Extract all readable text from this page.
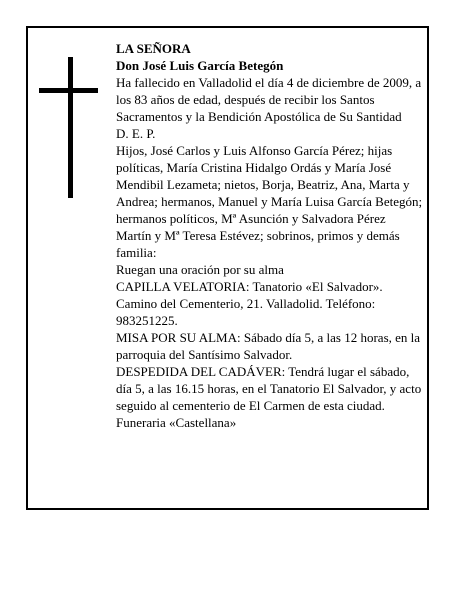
LA SEÑORA

Don José Luis García Betegón

Ha fallecido en Valladolid el día 4 de diciembre de 2009, a los 83 años de edad, después de recibir los Santos Sacramentos y la Bendición Apostólica de Su Santidad

D. E. P.

Hijos, José Carlos y Luis Alfonso García Pérez; hijas políticas, María Cristina Hidalgo Ordás y María José Mendibil Lezameta; nietos, Borja, Beatriz, Ana, Marta y Andrea; hermanos, Manuel y María Luisa García Betegón; hermanos políticos, Mª Asunción y Salvadora Pérez Martín y Mª Teresa Estévez; sobrinos, primos y demás familia:

Ruegan una oración por su alma

CAPILLA VELATORIA: Tanatorio «El Salvador». Camino del Cementerio, 21. Valladolid. Teléfono: 983251225.

MISA POR SU ALMA: Sábado día 5, a las 12 horas, en la parroquia del Santísimo Salvador.

DESPEDIDA DEL CADÁVER: Tendrá lugar el sábado, día 5, a las 16.15 horas, en el Tanatorio El Salvador, y acto seguido al cementerio de El Carmen de esta ciudad.

Funeraria «Castellana»
